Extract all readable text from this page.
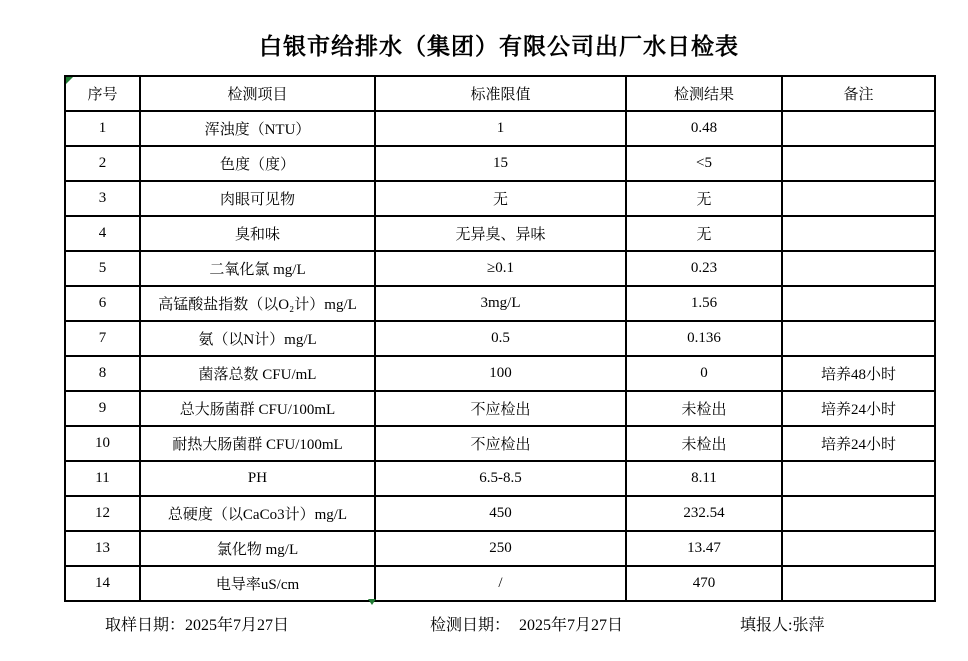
白银市给排水（集团）有限公司出厂水日检表
序号	检测项目	标准限值	检测结果	备注
1	浑浊度（NTU）	1	0.48	
2	色度（度）	15	<5	
3	肉眼可见物	无	无	
4	臭和味	无异臭、异味	无	
5	二氧化氯 mg/L	≥0.1	0.23	
6	高锰酸盐指数（以O₂计）mg/L	3mg/L	1.56	
7	氨（以N计）mg/L	0.5	0.136	
8	菌落总数 CFU/mL	100	0	培养48小时
9	总大肠菌群 CFU/100mL	不应检出	未检出	培养24小时
10	耐热大肠菌群 CFU/100mL	不应检出	未检出	培养24小时
11	PH	6.5-8.5	8.11	
12	总硬度（以CaCo3计）mg/L	450	232.54	
13	氯化物 mg/L	250	13.47	
14	电导率uS/cm	/	470	
取样日期：2025年7月27日	检测日期： 2025年7月27日	填报人:张萍
